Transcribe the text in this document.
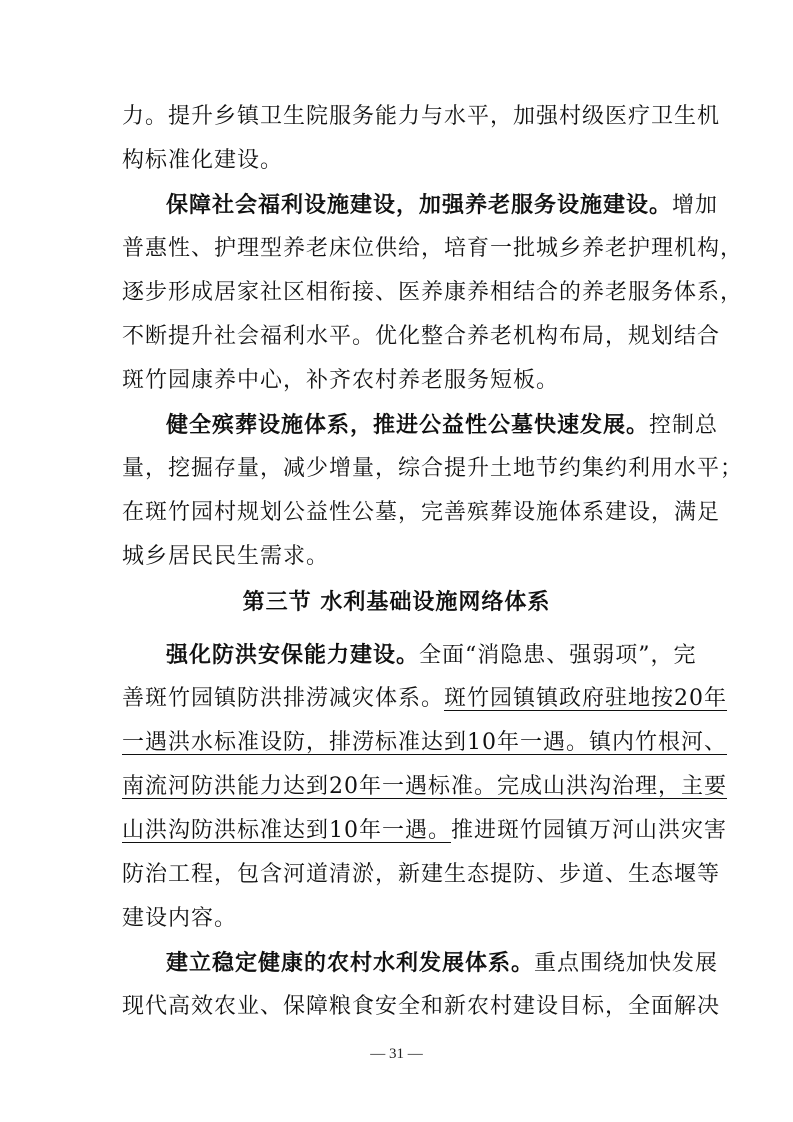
力。提升乡镇卫生院服务能力与水平，加强村级医疗卫生机
构标准化建设。
保障社会福利设施建设，加强养老服务设施建设。增加
普惠性、护理型养老床位供给，培育一批城乡养老护理机构，
逐步形成居家社区相衔接、医养康养相结合的养老服务体系，
不断提升社会福利水平。优化整合养老机构布局，规划结合
斑竹园康养中心，补齐农村养老服务短板。
健全殡葬设施体系，推进公益性公墓快速发展。控制总
量，挖掘存量，减少增量，综合提升土地节约集约利用水平；
在斑竹园村规划公益性公墓，完善殡葬设施体系建设，满足
城乡居民民生需求。
第三节 水利基础设施网络体系
强化防洪安保能力建设。全面“消隐患、强弱项”，完
善斑竹园镇防洪排涝减灾体系。斑竹园镇镇政府驻地按20年
一遇洪水标准设防，排涝标准达到10年一遇。镇内竹根河、
南流河防洪能力达到20年一遇标准。完成山洪沟治理，主要
山洪沟防洪标准达到10年一遇。推进斑竹园镇万河山洪灾害
防治工程，包含河道清淤，新建生态提防、步道、生态堰等
建设内容。
建立稳定健康的农村水利发展体系。重点围绕加快发展
现代高效农业、保障粮食安全和新农村建设目标，全面解决
— 31 —
